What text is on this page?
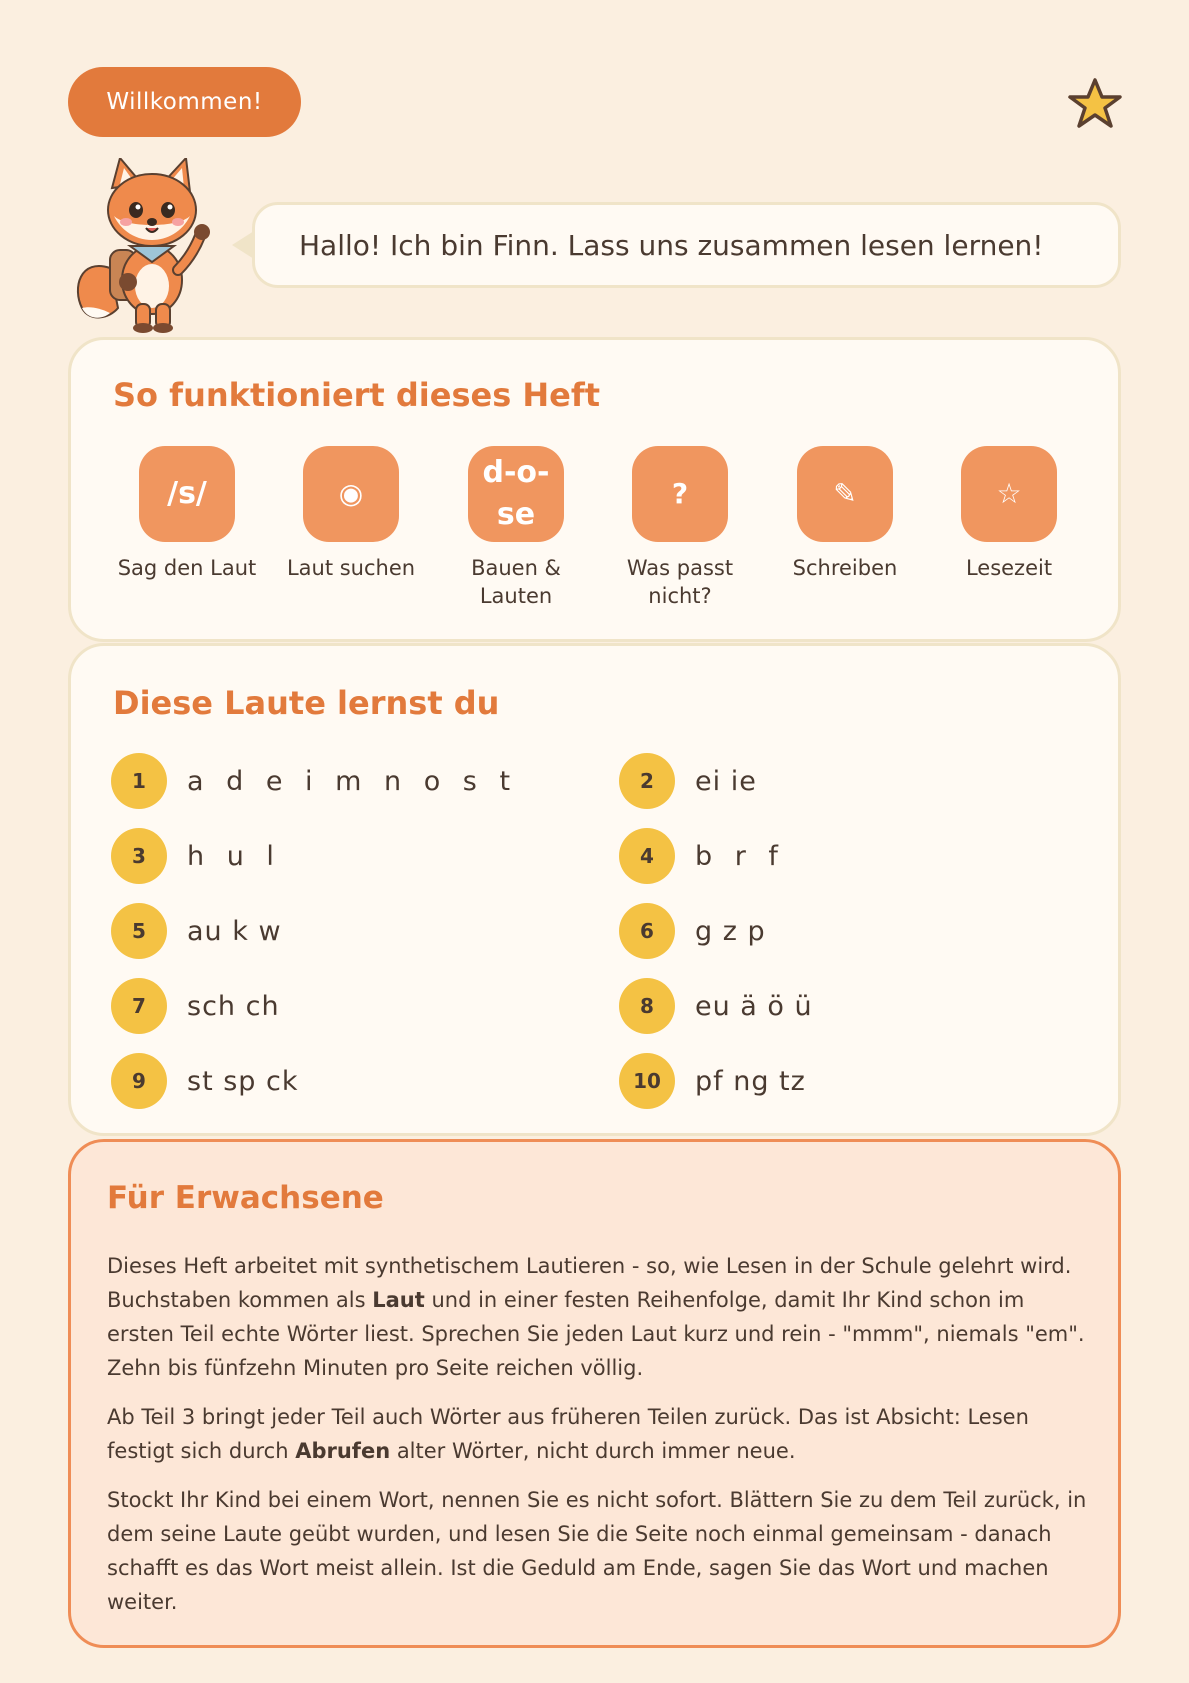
Willkommen!
Hallo! Ich bin Finn. Lass uns zusammen lesen lernen!
So funktioniert dieses Heft
/s/
Sag den Laut
◉
Laut suchen
d-o-
se
Bauen & Lauten
?
Was passt nicht?
✎
Schreiben
☆
Lesezeit
Diese Laute lernst du
1	a d e i m n o s t	2	ei ie
3	h u l	4	b r f
5	au k w	6	g z p
7	sch ch	8	eu ä ö ü
9	st sp ck	10	pf ng tz
Für Erwachsene

Dieses Heft arbeitet mit synthetischem Lautieren - so, wie Lesen in der Schule gelehrt wird. Buchstaben kommen als Laut und in einer festen Reihenfolge, damit Ihr Kind schon im ersten Teil echte Wörter liest. Sprechen Sie jeden Laut kurz und rein - "mmm", niemals "em". Zehn bis fünfzehn Minuten pro Seite reichen völlig.

Ab Teil 3 bringt jeder Teil auch Wörter aus früheren Teilen zurück. Das ist Absicht: Lesen festigt sich durch Abrufen alter Wörter, nicht durch immer neue.

Stockt Ihr Kind bei einem Wort, nennen Sie es nicht sofort. Blättern Sie zu dem Teil zurück, in dem seine Laute geübt wurden, und lesen Sie die Seite noch einmal gemeinsam - danach schafft es das Wort meist allein. Ist die Geduld am Ende, sagen Sie das Wort und machen weiter.
